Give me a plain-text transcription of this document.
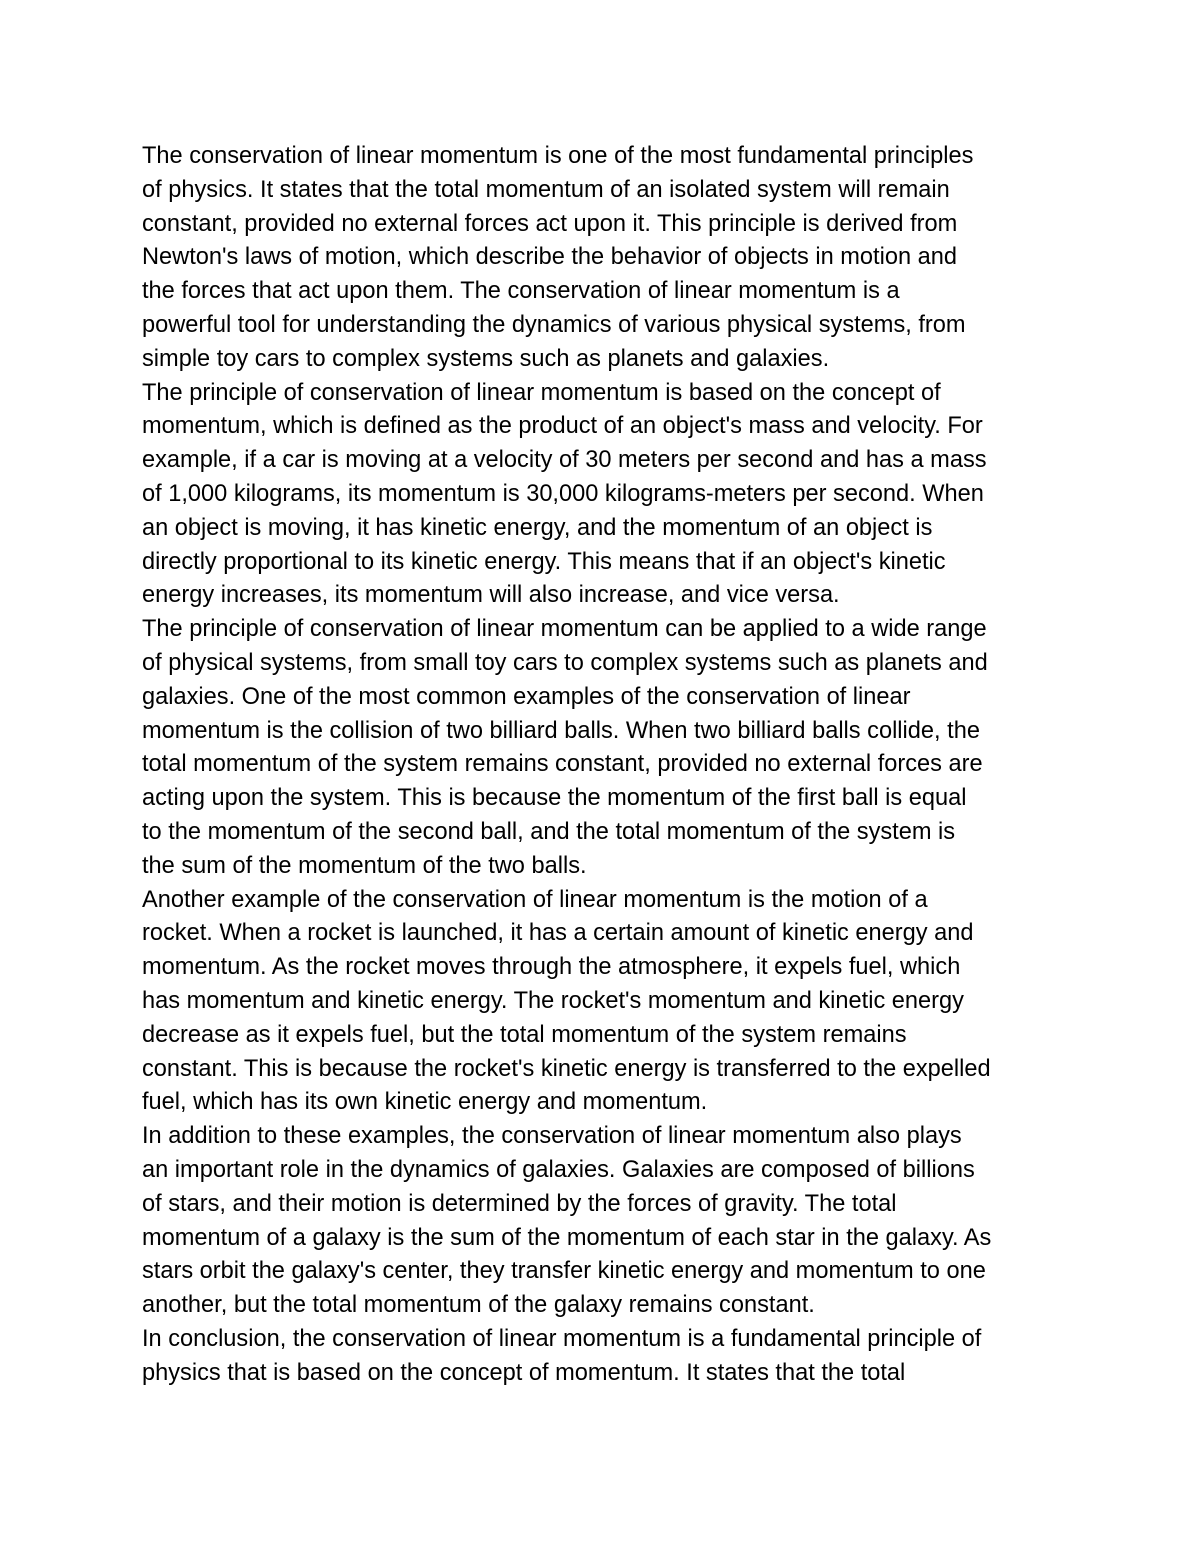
The conservation of linear momentum is one of the most fundamental principles
of physics. It states that the total momentum of an isolated system will remain
constant, provided no external forces act upon it. This principle is derived from
Newton's laws of motion, which describe the behavior of objects in motion and
the forces that act upon them. The conservation of linear momentum is a
powerful tool for understanding the dynamics of various physical systems, from
simple toy cars to complex systems such as planets and galaxies.

The principle of conservation of linear momentum is based on the concept of
momentum, which is defined as the product of an object's mass and velocity. For
example, if a car is moving at a velocity of 30 meters per second and has a mass
of 1,000 kilograms, its momentum is 30,000 kilograms-meters per second. When
an object is moving, it has kinetic energy, and the momentum of an object is
directly proportional to its kinetic energy. This means that if an object's kinetic
energy increases, its momentum will also increase, and vice versa.

The principle of conservation of linear momentum can be applied to a wide range
of physical systems, from small toy cars to complex systems such as planets and
galaxies. One of the most common examples of the conservation of linear
momentum is the collision of two billiard balls. When two billiard balls collide, the
total momentum of the system remains constant, provided no external forces are
acting upon the system. This is because the momentum of the first ball is equal
to the momentum of the second ball, and the total momentum of the system is
the sum of the momentum of the two balls.

Another example of the conservation of linear momentum is the motion of a
rocket. When a rocket is launched, it has a certain amount of kinetic energy and
momentum. As the rocket moves through the atmosphere, it expels fuel, which
has momentum and kinetic energy. The rocket's momentum and kinetic energy
decrease as it expels fuel, but the total momentum of the system remains
constant. This is because the rocket's kinetic energy is transferred to the expelled
fuel, which has its own kinetic energy and momentum.

In addition to these examples, the conservation of linear momentum also plays
an important role in the dynamics of galaxies. Galaxies are composed of billions
of stars, and their motion is determined by the forces of gravity. The total
momentum of a galaxy is the sum of the momentum of each star in the galaxy. As
stars orbit the galaxy's center, they transfer kinetic energy and momentum to one
another, but the total momentum of the galaxy remains constant.

In conclusion, the conservation of linear momentum is a fundamental principle of
physics that is based on the concept of momentum. It states that the total
